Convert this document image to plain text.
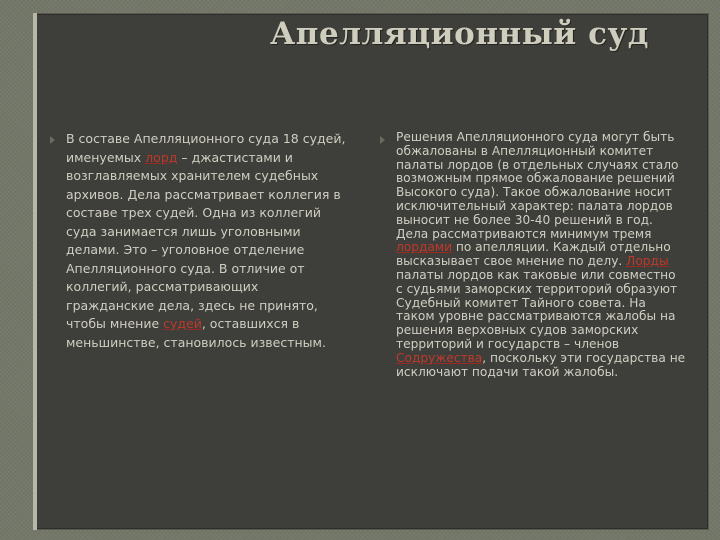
Апелляционный суд

В составе Апелляционного суда 18 судей, именуемых лорд – джастистами и возглавляемых хранителем судебных архивов. Дела рассматривает коллегия в составе трех судей. Одна из коллегий суда занимается лишь уголовными делами. Это – уголовное отделение Апелляционного суда. В отличие от коллегий, рассматривающих гражданские дела, здесь не принято, чтобы мнение судей, оставшихся в меньшинстве, становилось известным.

Решения Апелляционного суда могут быть обжалованы в Апелляционный комитет палаты лордов (в отдельных случаях стало возможным прямое обжалование решений Высокого суда). Такое обжалование носит исключительный характер: палата лордов выносит не более 30-40 решений в год. Дела рассматриваются минимум тремя лордами по апелляции. Каждый отдельно высказывает свое мнение по делу. Лорды палаты лордов как таковые или совместно с судьями заморских территорий образуют Судебный комитет Тайного совета. На таком уровне рассматриваются жалобы на решения верховных судов заморских территорий и государств – членов Содружества, поскольку эти государства не исключают подачи такой жалобы.
